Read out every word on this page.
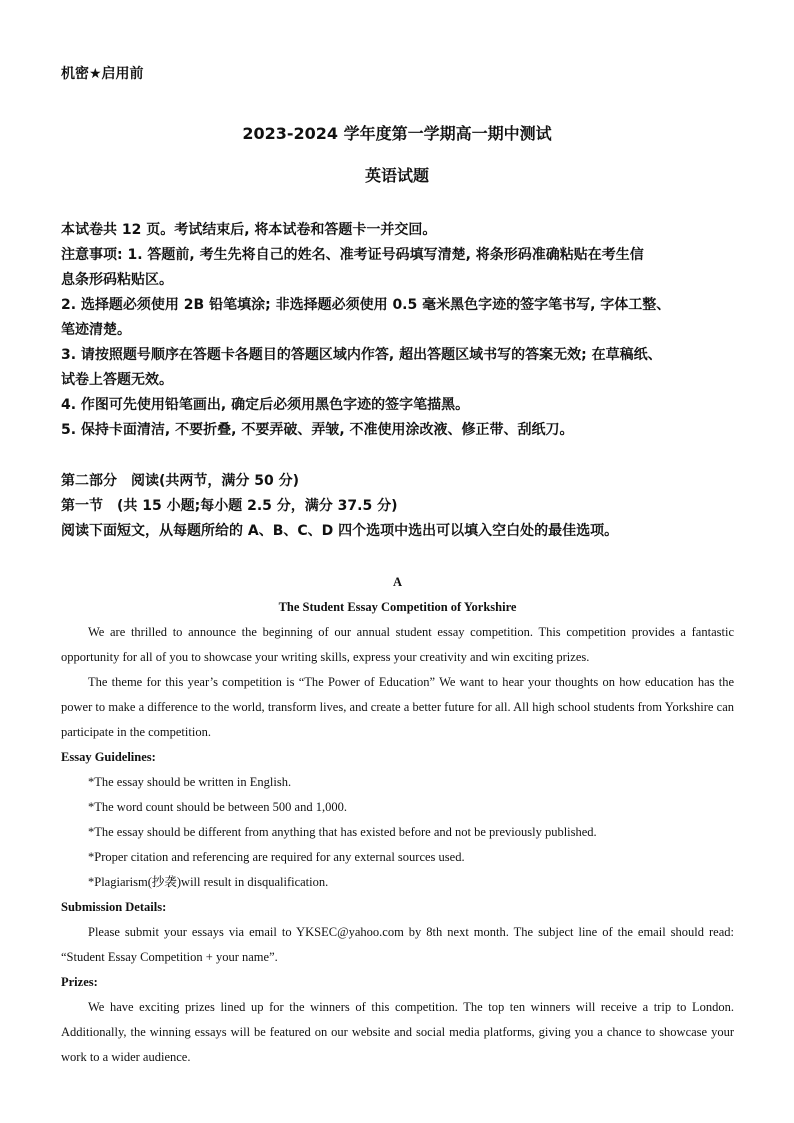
机密★启用前
2023-2024 学年度第一学期高一期中测试
英语试题
本试卷共 12 页。考试结束后, 将本试卷和答题卡一并交回。
注意事项: 1. 答题前, 考生先将自己的姓名、准考证号码填写清楚, 将条形码准确粘贴在考生信
息条形码粘贴区。
2. 选择题必须使用 2B 铅笔填涂; 非选择题必须使用 0.5 毫米黑色字迹的签字笔书写, 字体工整、
笔迹清楚。
3. 请按照题号顺序在答题卡各题目的答题区域内作答, 超出答题区域书写的答案无效; 在草稿纸、
试卷上答题无效。
4. 作图可先使用铅笔画出, 确定后必须用黑色字迹的签字笔描黑。
5. 保持卡面清洁, 不要折叠, 不要弄破、弄皱, 不准使用涂改液、修正带、刮纸刀。
第二部分　阅读(共两节，满分 50 分)
第一节　(共 15 小题;每小题 2.5 分，满分 37.5 分)
阅读下面短文，从每题所给的 A、B、C、D 四个选项中选出可以填入空白处的最佳选项。
A
The Student Essay Competition of Yorkshire

We are thrilled to announce the beginning of our annual student essay competition. This competition provides a fantastic opportunity for all of you to showcase your writing skills, express your creativity and win exciting prizes.

The theme for this year’s competition is “The Power of Education” We want to hear your thoughts on how education has the power to make a difference to the world, transform lives, and create a better future for all. All high school students from Yorkshire can participate in the competition.

Essay Guidelines:
*The essay should be written in English.
*The word count should be between 500 and 1,000.
*The essay should be different from anything that has existed before and not be previously published.
*Proper citation and referencing are required for any external sources used.
*Plagiarism(抄袭)will result in disqualification.
Submission Details:

Please submit your essays via email to YKSEC@yahoo.com by 8th next month. The subject line of the email should read: “Student Essay Competition + your name”.

Prizes:

We have exciting prizes lined up for the winners of this competition. The top ten winners will receive a trip to London. Additionally, the winning essays will be featured on our website and social media platforms, giving you a chance to showcase your work to a wider audience.
